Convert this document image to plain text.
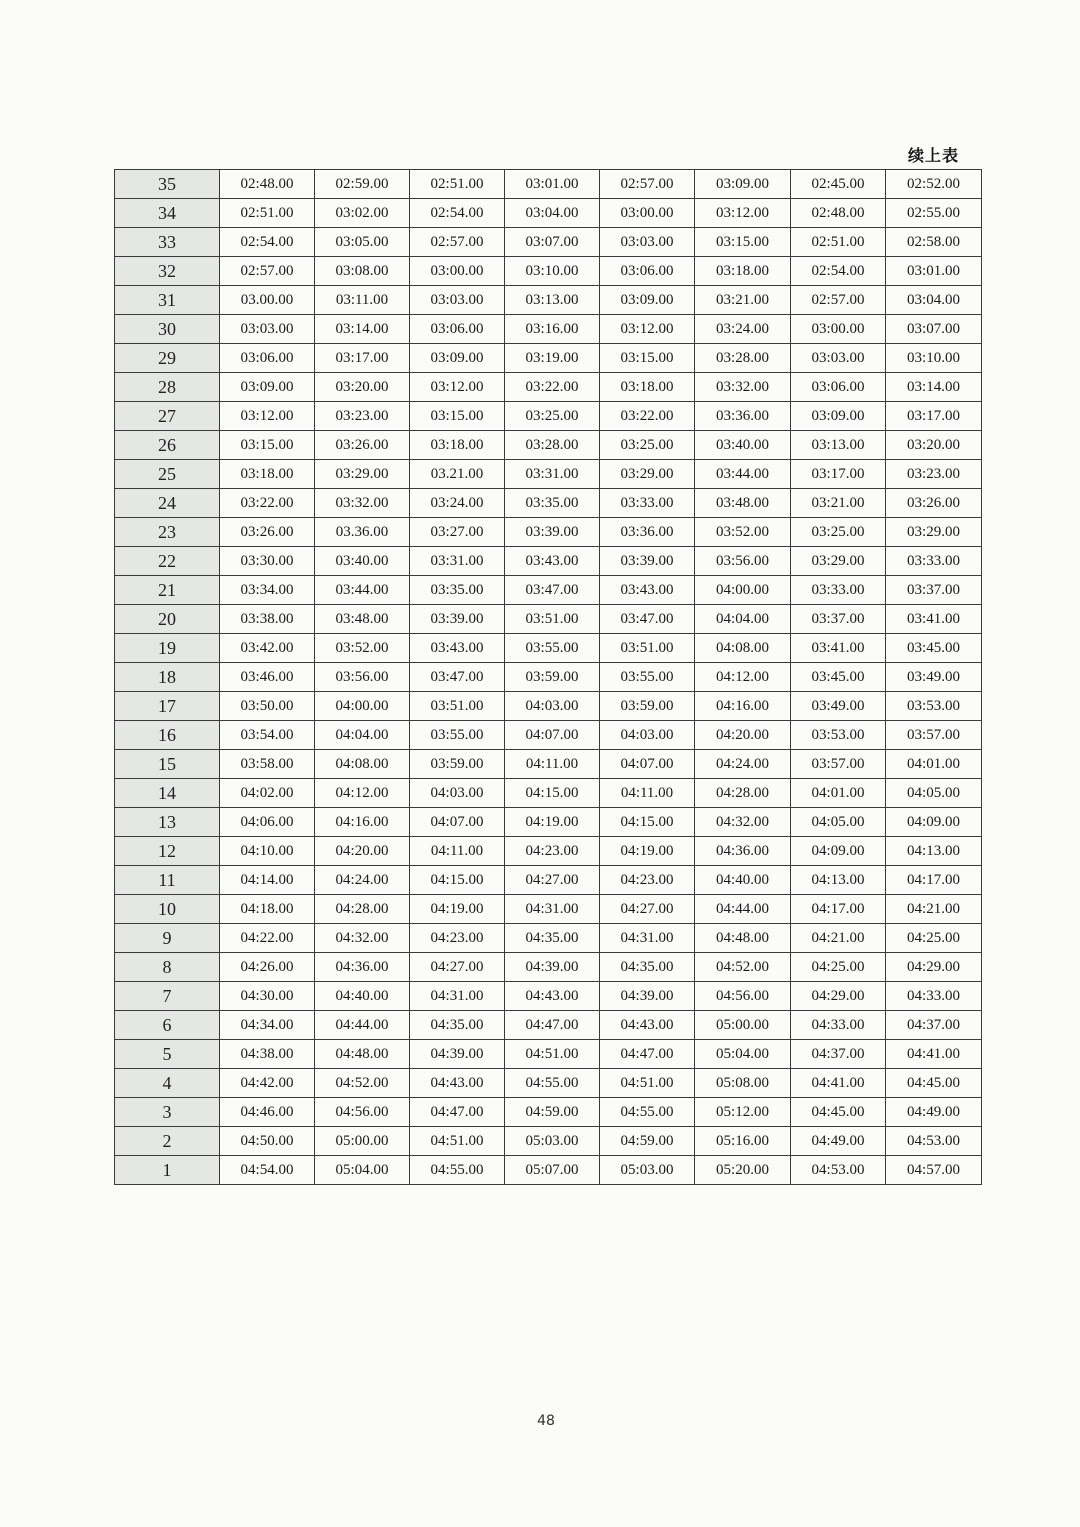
续上表
35	02:48.00	02:59.00	02:51.00	03:01.00	02:57.00	03:09.00	02:45.00	02:52.00
34	02:51.00	03:02.00	02:54.00	03:04.00	03:00.00	03:12.00	02:48.00	02:55.00
33	02:54.00	03:05.00	02:57.00	03:07.00	03:03.00	03:15.00	02:51.00	02:58.00
32	02:57.00	03:08.00	03:00.00	03:10.00	03:06.00	03:18.00	02:54.00	03:01.00
31	03.00.00	03:11.00	03:03.00	03:13.00	03:09.00	03:21.00	02:57.00	03:04.00
30	03:03.00	03:14.00	03:06.00	03:16.00	03:12.00	03:24.00	03:00.00	03:07.00
29	03:06.00	03:17.00	03:09.00	03:19.00	03:15.00	03:28.00	03:03.00	03:10.00
28	03:09.00	03:20.00	03:12.00	03:22.00	03:18.00	03:32.00	03:06.00	03:14.00
27	03:12.00	03:23.00	03:15.00	03:25.00	03:22.00	03:36.00	03:09.00	03:17.00
26	03:15.00	03:26.00	03:18.00	03:28.00	03:25.00	03:40.00	03:13.00	03:20.00
25	03:18.00	03:29.00	03.21.00	03:31.00	03:29.00	03:44.00	03:17.00	03:23.00
24	03:22.00	03:32.00	03:24.00	03:35.00	03:33.00	03:48.00	03:21.00	03:26.00
23	03:26.00	03.36.00	03:27.00	03:39.00	03:36.00	03:52.00	03:25.00	03:29.00
22	03:30.00	03:40.00	03:31.00	03:43.00	03:39.00	03:56.00	03:29.00	03:33.00
21	03:34.00	03:44.00	03:35.00	03:47.00	03:43.00	04:00.00	03:33.00	03:37.00
20	03:38.00	03:48.00	03:39.00	03:51.00	03:47.00	04:04.00	03:37.00	03:41.00
19	03:42.00	03:52.00	03:43.00	03:55.00	03:51.00	04:08.00	03:41.00	03:45.00
18	03:46.00	03:56.00	03:47.00	03:59.00	03:55.00	04:12.00	03:45.00	03:49.00
17	03:50.00	04:00.00	03:51.00	04:03.00	03:59.00	04:16.00	03:49.00	03:53.00
16	03:54.00	04:04.00	03:55.00	04:07.00	04:03.00	04:20.00	03:53.00	03:57.00
15	03:58.00	04:08.00	03:59.00	04:11.00	04:07.00	04:24.00	03:57.00	04:01.00
14	04:02.00	04:12.00	04:03.00	04:15.00	04:11.00	04:28.00	04:01.00	04:05.00
13	04:06.00	04:16.00	04:07.00	04:19.00	04:15.00	04:32.00	04:05.00	04:09.00
12	04:10.00	04:20.00	04:11.00	04:23.00	04:19.00	04:36.00	04:09.00	04:13.00
11	04:14.00	04:24.00	04:15.00	04:27.00	04:23.00	04:40.00	04:13.00	04:17.00
10	04:18.00	04:28.00	04:19.00	04:31.00	04:27.00	04:44.00	04:17.00	04:21.00
9	04:22.00	04:32.00	04:23.00	04:35.00	04:31.00	04:48.00	04:21.00	04:25.00
8	04:26.00	04:36.00	04:27.00	04:39.00	04:35.00	04:52.00	04:25.00	04:29.00
7	04:30.00	04:40.00	04:31.00	04:43.00	04:39.00	04:56.00	04:29.00	04:33.00
6	04:34.00	04:44.00	04:35.00	04:47.00	04:43.00	05:00.00	04:33.00	04:37.00
5	04:38.00	04:48.00	04:39.00	04:51.00	04:47.00	05:04.00	04:37.00	04:41.00
4	04:42.00	04:52.00	04:43.00	04:55.00	04:51.00	05:08.00	04:41.00	04:45.00
3	04:46.00	04:56.00	04:47.00	04:59.00	04:55.00	05:12.00	04:45.00	04:49.00
2	04:50.00	05:00.00	04:51.00	05:03.00	04:59.00	05:16.00	04:49.00	04:53.00
1	04:54.00	05:04.00	04:55.00	05:07.00	05:03.00	05:20.00	04:53.00	04:57.00
48
